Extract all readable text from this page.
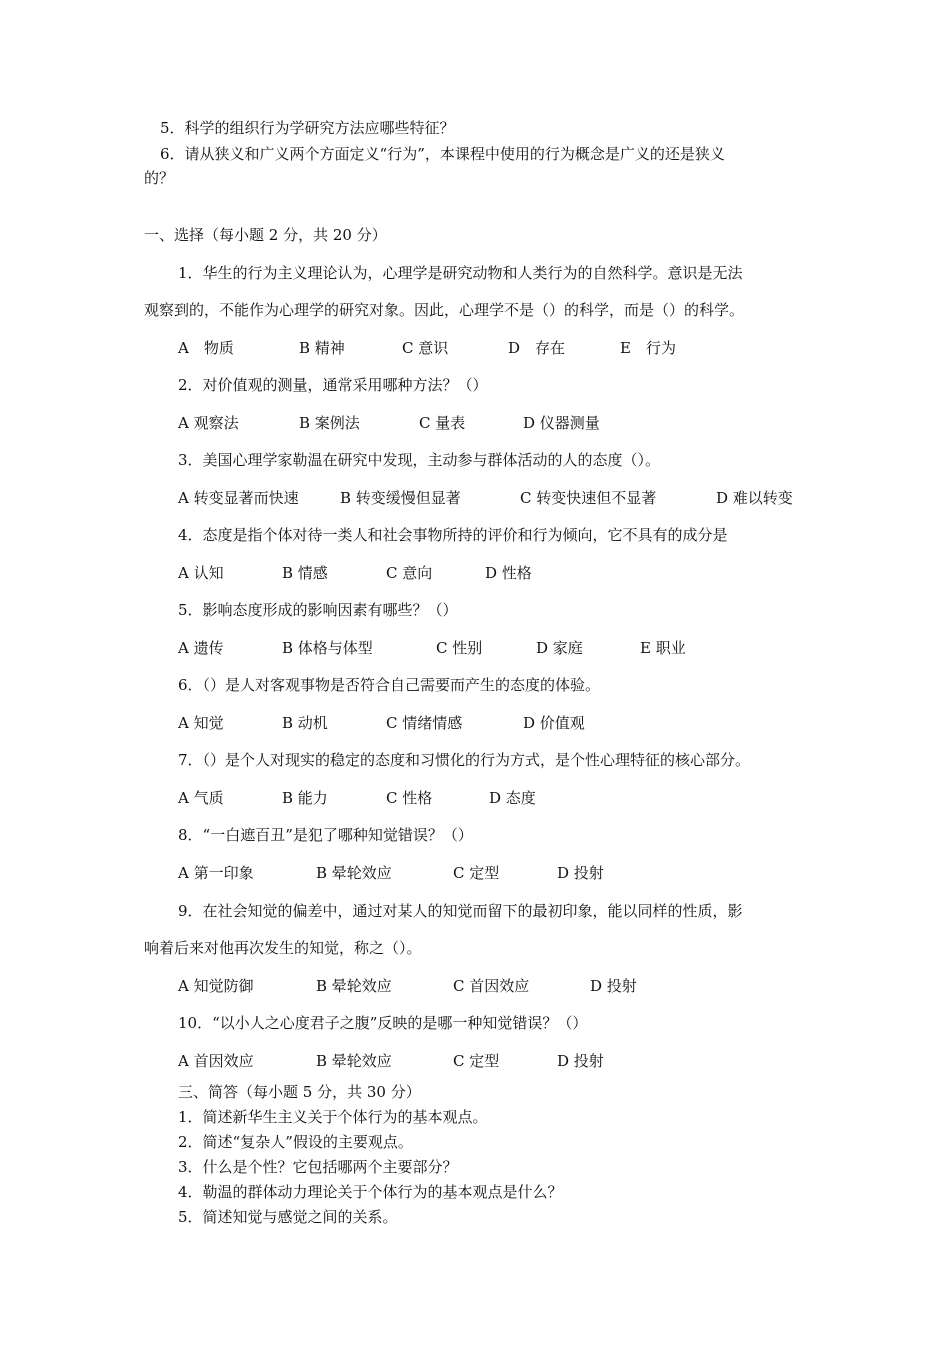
5．科学的组织行为学研究方法应哪些特征？
6．请从狭义和广义两个方面定义“行为”，本课程中使用的行为概念是广义的还是狭义
的？
一、选择（每小题 2 分，共 20 分）
1．华生的行为主义理论认为，心理学是研究动物和人类行为的自然科学。意识是无法
观察到的，不能作为心理学的研究对象。因此，心理学不是（）的科学，而是（）的科学。
A　物质	B 精神	C 意识	D　存在	E　行为
2．对价值观的测量，通常采用哪种方法？（）
A 观察法	B 案例法	C 量表	D 仪器测量
3．美国心理学家勒温在研究中发现，主动参与群体活动的人的态度（）。
A 转变显著而快速	B 转变缓慢但显著	C 转变快速但不显著	D 难以转变
4．态度是指个体对待一类人和社会事物所持的评价和行为倾向，它不具有的成分是
A 认知	B 情感	C 意向	D 性格
5．影响态度形成的影响因素有哪些？（）
A 遗传	B 体格与体型	C 性别	D 家庭	E 职业
6．（）是人对客观事物是否符合自己需要而产生的态度的体验。
A 知觉	B 动机	C 情绪情感	D 价值观
7．（）是个人对现实的稳定的态度和习惯化的行为方式，是个性心理特征的核心部分。
A 气质	B 能力	C 性格	D 态度
8．“一白遮百丑”是犯了哪种知觉错误？（）
A 第一印象	B 晕轮效应	C 定型	D 投射
9．在社会知觉的偏差中，通过对某人的知觉而留下的最初印象，能以同样的性质，影
响着后来对他再次发生的知觉，称之（）。
A 知觉防御	B 晕轮效应	C 首因效应	D 投射
10．“以小人之心度君子之腹”反映的是哪一种知觉错误？（）
A 首因效应	B 晕轮效应	C 定型	D 投射
三、简答（每小题 5 分，共 30 分）
1．简述新华生主义关于个体行为的基本观点。
2．简述“复杂人”假设的主要观点。
3．什么是个性？它包括哪两个主要部分？
4．勒温的群体动力理论关于个体行为的基本观点是什么？
5．简述知觉与感觉之间的关系。
